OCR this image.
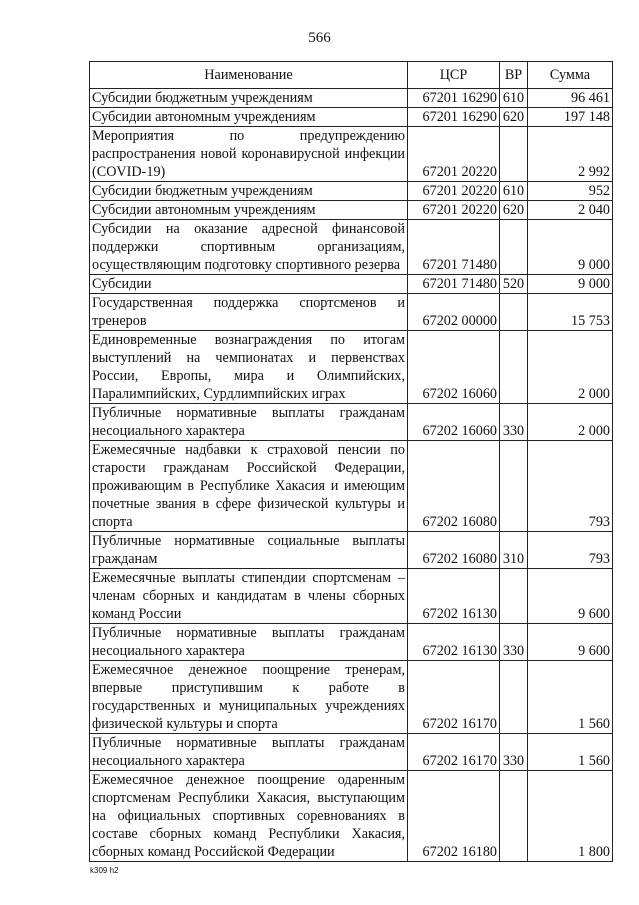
566
Наименование	ЦСР	ВР	Сумма
Субсидии бюджетным учреждениям	67201 16290	610	96 461
Субсидии автономным учреждениям	67201 16290	620	197 148
Мероприятия по предупреждению распространения новой коронавирусной инфекции (COVID-19)	67201 20220		2 992
Субсидии бюджетным учреждениям	67201 20220	610	952
Субсидии автономным учреждениям	67201 20220	620	2 040
Субсидии на оказание адресной финансовой поддержки спортивным организациям, осуществляющим подготовку спортивного резерва	67201 71480		9 000
Субсидии	67201 71480	520	9 000
Государственная поддержка спортсменов и тренеров	67202 00000		15 753
Единовременные вознаграждения по итогам выступлений на чемпионатах и первенствах России, Европы, мира и Олимпийских, Паралимпийских, Сурдлимпийских играх	67202 16060		2 000
Публичные нормативные выплаты гражданам несоциального характера	67202 16060	330	2 000
Ежемесячные надбавки к страховой пенсии по старости гражданам Российской Федерации, проживающим в Республике Хакасия и имеющим почетные звания в сфере физической культуры и спорта	67202 16080		793
Публичные нормативные социальные выплаты гражданам	67202 16080	310	793
Ежемесячные выплаты стипендии спортсменам – членам сборных и кандидатам в члены сборных команд России	67202 16130		9 600
Публичные нормативные выплаты гражданам несоциального характера	67202 16130	330	9 600
Ежемесячное денежное поощрение тренерам, впервые приступившим к работе в государственных и муниципальных учреждениях физической культуры и спорта	67202 16170		1 560
Публичные нормативные выплаты гражданам несоциального характера	67202 16170	330	1 560
Ежемесячное денежное поощрение одаренным спортсменам Республики Хакасия, выступающим на официальных спортивных соревнованиях в составе сборных команд Республики Хакасия, сборных команд Российской Федерации	67202 16180		1 800
k309 h2
